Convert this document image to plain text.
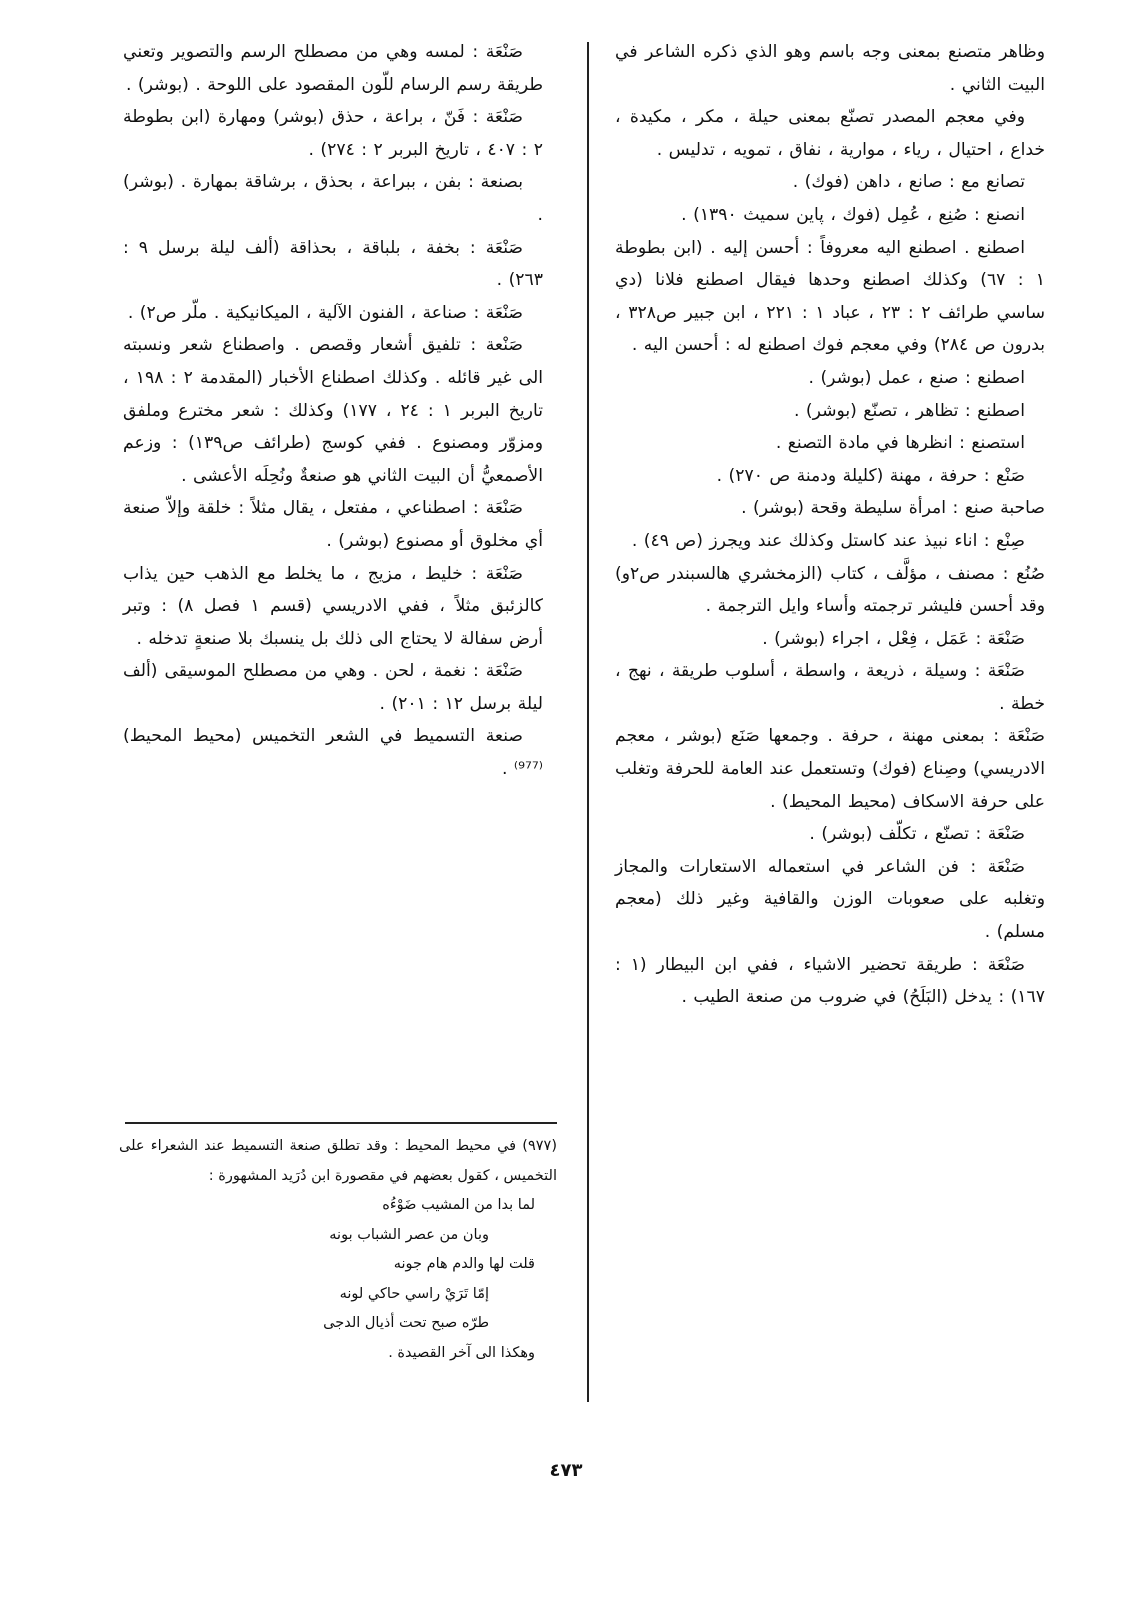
وظاهر متصنع بمعنى وجه باسم وهو الذي ذكره الشاعر في البيت الثاني .

وفي معجم المصدر تصنّع بمعنى حيلة ، مكر ، مكيدة ، خداع ، احتيال ، رياء ، موارية ، نفاق ، تمويه ، تدليس .

تصانع مع : صانع ، داهن (فوك) .

انصنع : صُنِع ، عُمِل (فوك ، پاين سميث ١٣٩٠) .

اصطنع . اصطنع اليه معروفاً : أحسن إليه . (ابن بطوطة ١ : ٦٧) وكذلك اصطنع وحدها فيقال اصطنع فلانا (دي ساسي طرائف ٢ : ٢٣ ، عباد ١ : ٢٢١ ، ابن جبير ص٣٢٨ ، بدرون ص ٢٨٤) وفي معجم فوك اصطنع له : أحسن اليه .

اصطنع : صنع ، عمل (بوشر) .

اصطنع : تظاهر ، تصنّع (بوشر) .

استصنع : انظرها في مادة التصنع .

صَنْع : حرفة ، مهنة (كليلة ودمنة ص ٢٧٠) .

صاحبة صنع : امرأة سليطة وقحة (بوشر) .

صِنْع : اناء نبيذ عند كاستل وكذلك عند ويجرز (ص ٤٩) .

صُنُع : مصنف ، مؤلَّف ، كتاب (الزمخشري هالسبندر ص٢و) وقد أحسن فليشر ترجمته وأساء وايل الترجمة .

صَنْعَة : عَمَل ، فِعْل ، اجراء (بوشر) .

صَنْعَة : وسيلة ، ذريعة ، واسطة ، أسلوب طريقة ، نهج ، خطة .

صَنْعَة : بمعنى مهنة ، حرفة . وجمعها صَنَع (بوشر ، معجم الادريسي) وصِناع (فوك) وتستعمل عند العامة للحرفة وتغلب على حرفة الاسكاف (محيط المحيط) .

صَنْعَة : تصنّع ، تكلّف (بوشر) .

صَنْعَة : فن الشاعر في استعماله الاستعارات والمجاز وتغلبه على صعوبات الوزن والقافية وغير ذلك (معجم مسلم) .

صَنْعَة : طريقة تحضير الاشياء ، ففي ابن البيطار (١ : ١٦٧) : يدخل (البَلَحُ) في ضروب من صنعة الطيب .

صَنْعَة : لمسه وهي من مصطلح الرسم والتصوير وتعني طريقة رسم الرسام للّون المقصود على اللوحة . (بوشر) .

صَنْعَة : فَنّ ، براعة ، حذق (بوشر) ومهارة (ابن بطوطة ٢ : ٤٠٧ ، تاريخ البربر ٢ : ٢٧٤) .

بصنعة : بفن ، ببراعة ، بحذق ، برشاقة بمهارة . (بوشر) .

صَنْعَة : بخفة ، بلباقة ، بحذاقة (ألف ليلة برسل ٩ : ٢٦٣) .

صَنْعَة : صناعة ، الفنون الآلية ، الميكانيكية . ملّر ص٢) .

صَنْعة : تلفيق أشعار وقصص . واصطناع شعر ونسبته الى غير قائله . وكذلك اصطناع الأخبار (المقدمة ٢ : ١٩٨ ، تاريخ البربر ١ : ٢٤ ، ١٧٧) وكذلك : شعر مخترع وملفق ومزوّر ومصنوع . ففي كوسج (طرائف ص١٣٩) : وزعم الأصمعيُّ أن البيت الثاني هو صنعةٌ ونُحِلَه الأعشى .

صَنْعَة : اصطناعي ، مفتعل ، يقال مثلاً : خلقة وإلاّ صنعة أي مخلوق أو مصنوع (بوشر) .

صَنْعَة : خليط ، مزيج ، ما يخلط مع الذهب حين يذاب كالزئبق مثلاً ، ففي الادريسي (قسم ١ فصل ٨) : وتبر أرض سفالة لا يحتاج الى ذلك بل ينسبك بلا صنعةٍ تدخله .

صَنْعَة : نغمة ، لحن . وهي من مصطلح الموسيقى (ألف ليلة برسل ١٢ : ٢٠١) .

صنعة التسميط في الشعر التخميس (محيط المحيط)⁽⁹⁷⁷⁾ .

(٩٧٧) في محيط المحيط : وقد تطلق صنعة التسميط عند الشعراء على التخميس ، كقول بعضهم في مقصورة ابن دُرَيد المشهورة :

لما بدا من المشيب ضَوْءُه

وبان من عصر الشباب بونه

قلت لها والدم هام جونه

إمّا تَرَيْ راسي حاكي لونه

طرّه صبح تحت أذيال الدجى

وهكذا الى آخر القصيدة .

٤٧٣
